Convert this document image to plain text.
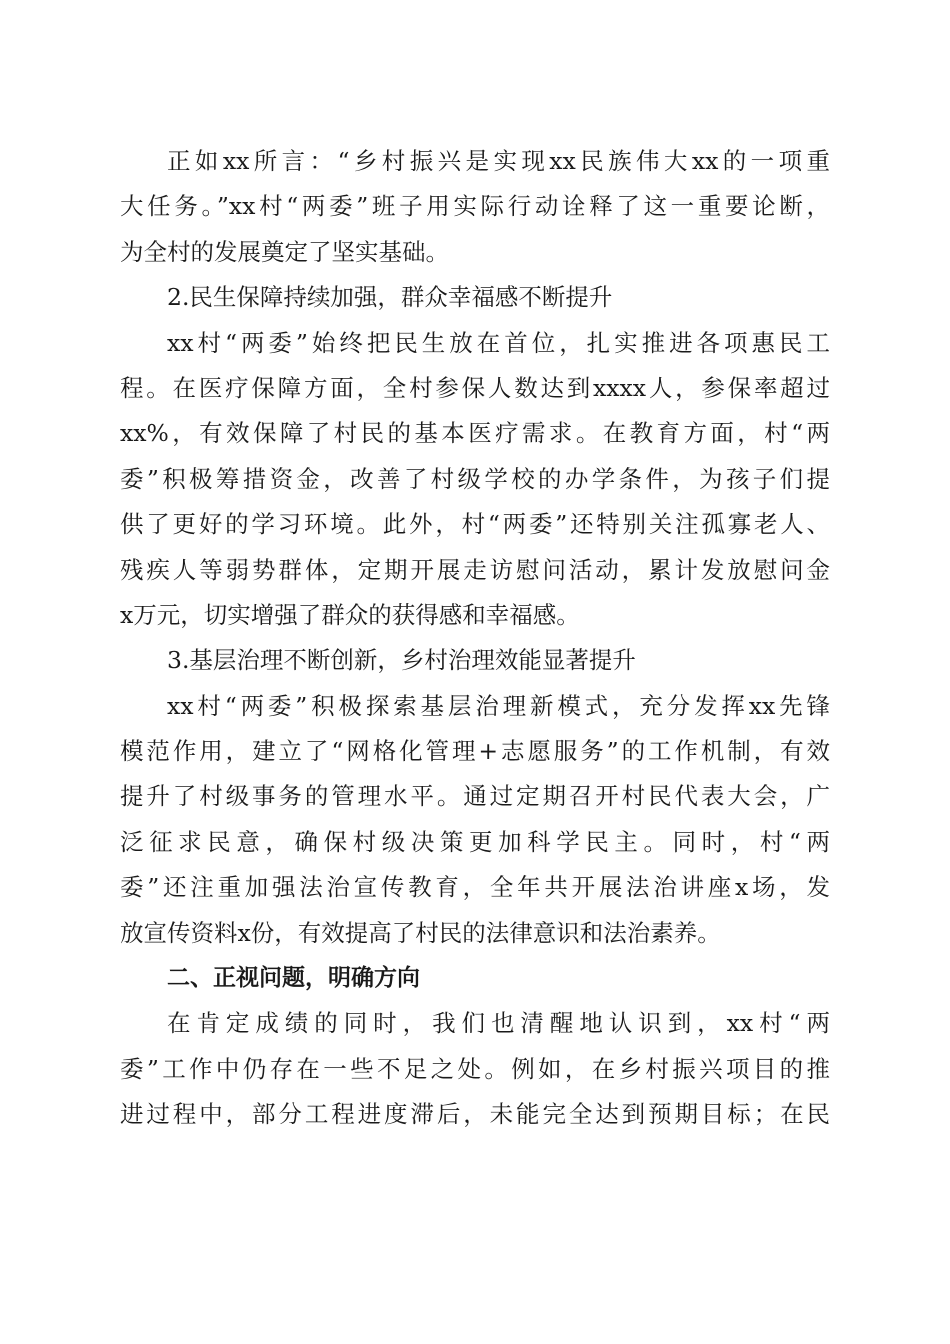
正如xx所言：“乡村振兴是实现xx民族伟大xx的一项重
大任务。”xx村“两委”班子用实际行动诠释了这一重要论断，
为全村的发展奠定了坚实基础。
2.民生保障持续加强，群众幸福感不断提升
xx村“两委”始终把民生放在首位，扎实推进各项惠民工
程。在医疗保障方面，全村参保人数达到xxxx人，参保率超过
xx%，有效保障了村民的基本医疗需求。在教育方面，村“两
委”积极筹措资金，改善了村级学校的办学条件，为孩子们提
供了更好的学习环境。此外，村“两委”还特别关注孤寡老人、
残疾人等弱势群体，定期开展走访慰问活动，累计发放慰问金
x万元，切实增强了群众的获得感和幸福感。
3.基层治理不断创新，乡村治理效能显著提升
xx村“两委”积极探索基层治理新模式，充分发挥xx先锋
模范作用，建立了“网格化管理+志愿服务”的工作机制，有效
提升了村级事务的管理水平。通过定期召开村民代表大会，广
泛征求民意，确保村级决策更加科学民主。同时，村“两
委”还注重加强法治宣传教育，全年共开展法治讲座x场，发
放宣传资料x份，有效提高了村民的法律意识和法治素养。
二、正视问题，明确方向
在肯定成绩的同时，我们也清醒地认识到，xx村“两
委”工作中仍存在一些不足之处。例如，在乡村振兴项目的推
进过程中，部分工程进度滞后，未能完全达到预期目标；在民
